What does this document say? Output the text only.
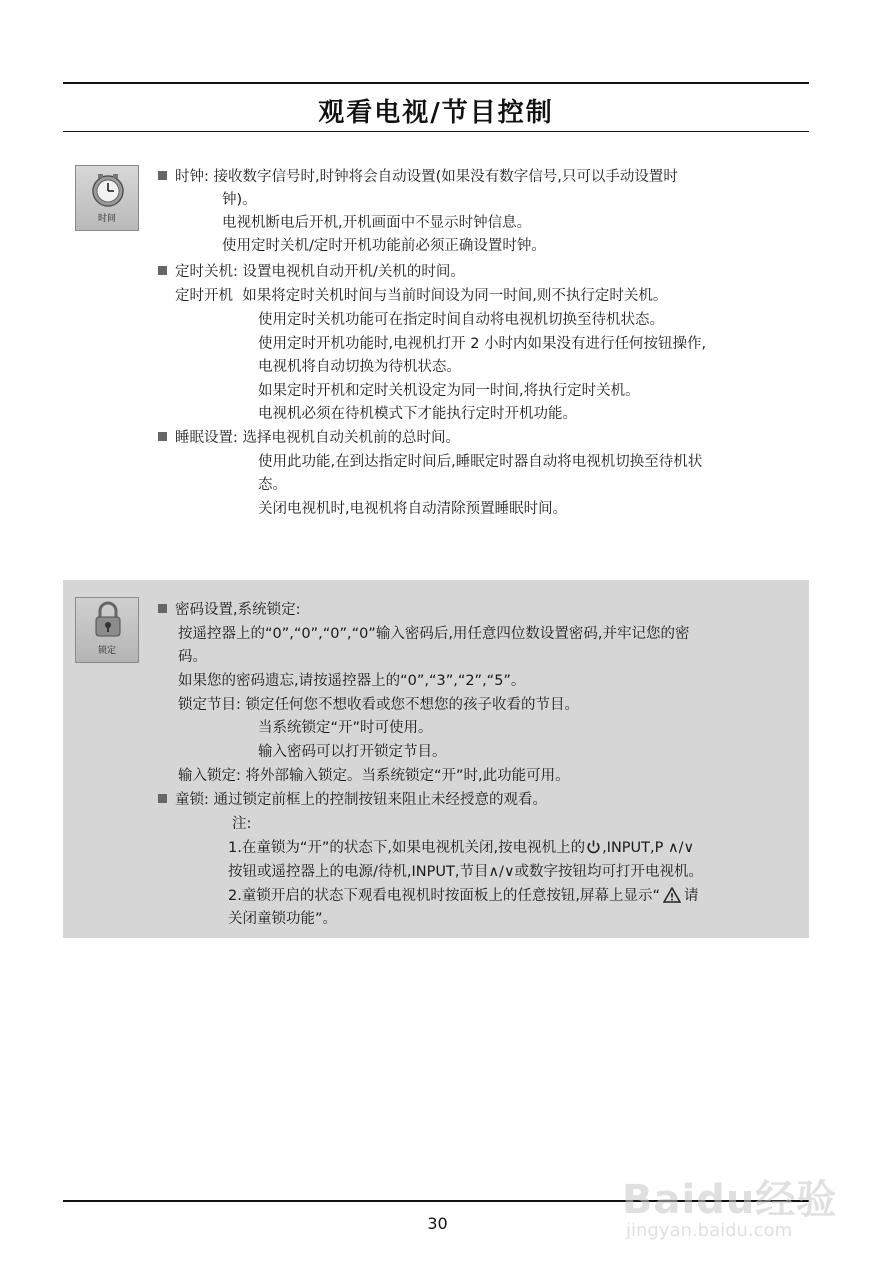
观看电视/节目控制
时间
时钟: 接收数字信号时,时钟将会自动设置(如果没有数字信号,只可以手动设置时
钟)。
电视机断电后开机,开机画面中不显示时钟信息。
使用定时关机/定时开机功能前必须正确设置时钟。
定时关机: 设置电视机自动开机/关机的时间。
定时开机  如果将定时关机时间与当前时间设为同一时间,则不执行定时关机。
使用定时关机功能可在指定时间自动将电视机切换至待机状态。
使用定时开机功能时,电视机打开 2 小时内如果没有进行任何按钮操作,
电视机将自动切换为待机状态。
如果定时开机和定时关机设定为同一时间,将执行定时关机。
电视机必须在待机模式下才能执行定时开机功能。
睡眠设置: 选择电视机自动关机前的总时间。
使用此功能,在到达指定时间后,睡眠定时器自动将电视机切换至待机状
态。
关闭电视机时,电视机将自动清除预置睡眠时间。
锁定
密码设置,系统锁定:
按遥控器上的“0”,“0”,“0”,“0”输入密码后,用任意四位数设置密码,并牢记您的密
码。
如果您的密码遗忘,请按遥控器上的“0”,“3”,“2”,“5”。
锁定节目: 锁定任何您不想收看或您不想您的孩子收看的节目。
当系统锁定“开”时可使用。
输入密码可以打开锁定节目。
输入锁定: 将外部输入锁定。当系统锁定“开”时,此功能可用。
童锁: 通过锁定前框上的控制按钮来阻止未经授意的观看。
注:
1.在童锁为“开”的状态下,如果电视机关闭,按电视机上的 ,INPUT,P ∧/∨
按钮或遥控器上的电源/待机,INPUT,节目∧/∨或数字按钮均可打开电视机。
2.童锁开启的状态下观看电视机时按面板上的任意按钮,屏幕上显示“ 请
关闭童锁功能”。
30
Baidu经验
jingyan.baidu.com
